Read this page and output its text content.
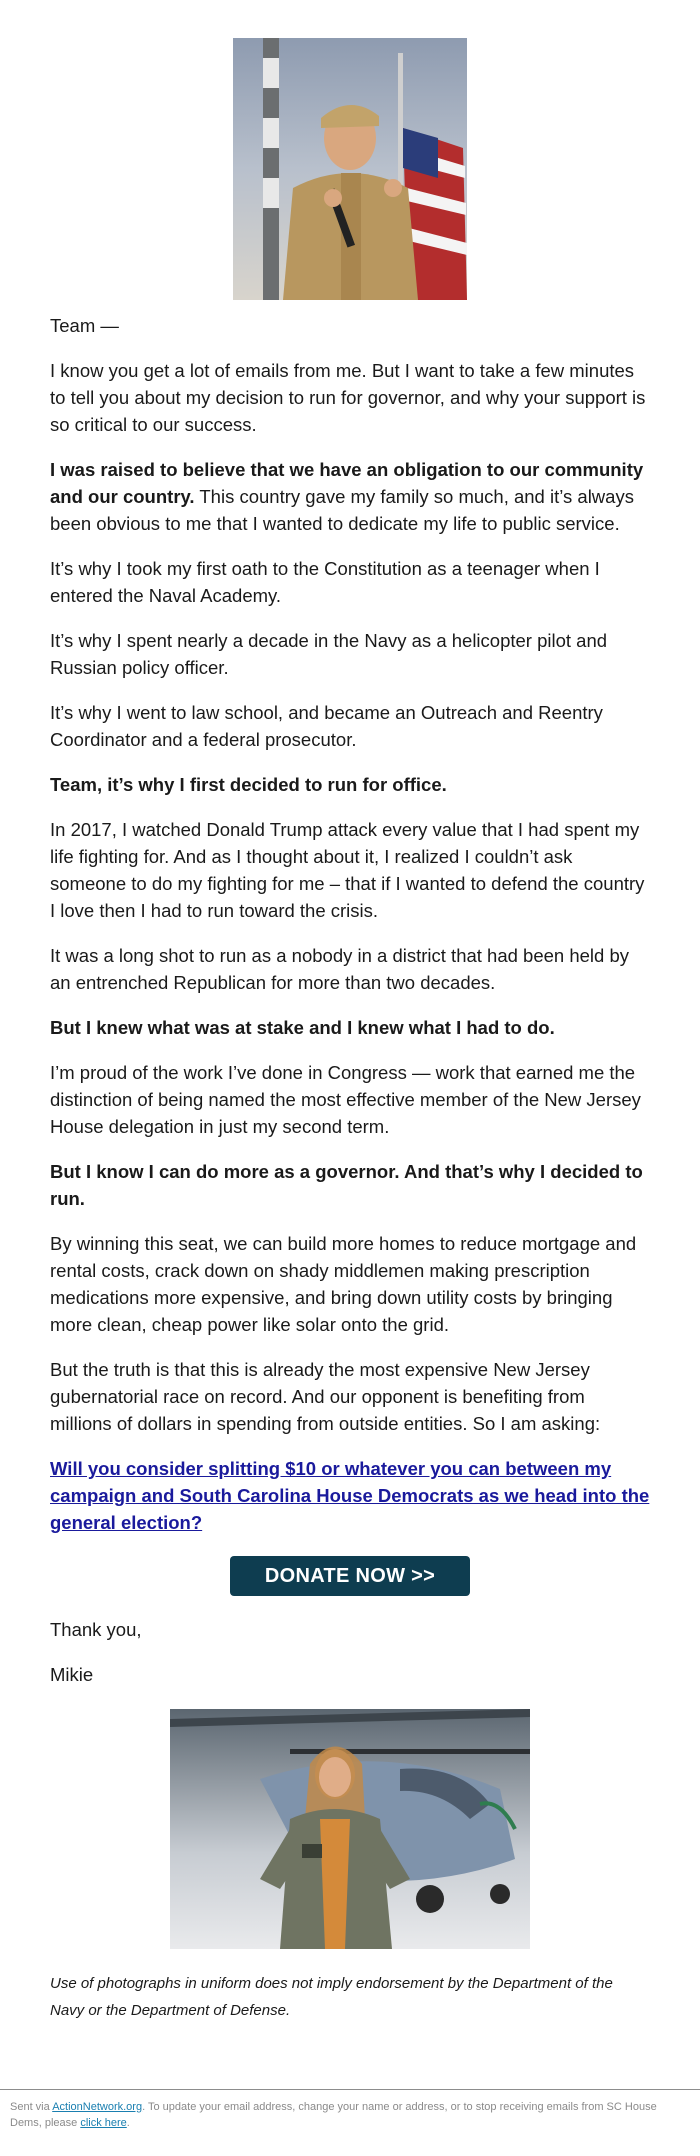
Team —

I know you get a lot of emails from me. But I want to take a few minutes to tell you about my decision to run for governor, and why your support is so critical to our success.

I was raised to believe that we have an obligation to our community and our country. This country gave my family so much, and it’s always been obvious to me that I wanted to dedicate my life to public service.

It’s why I took my first oath to the Constitution as a teenager when I entered the Naval Academy.

It’s why I spent nearly a decade in the Navy as a helicopter pilot and Russian policy officer.

It’s why I went to law school, and became an Outreach and Reentry Coordinator and a federal prosecutor.

Team, it’s why I first decided to run for office.

In 2017, I watched Donald Trump attack every value that I had spent my life fighting for. And as I thought about it, I realized I couldn’t ask someone to do my fighting for me – that if I wanted to defend the country I love then I had to run toward the crisis.

It was a long shot to run as a nobody in a district that had been held by an entrenched Republican for more than two decades.

But I knew what was at stake and I knew what I had to do.

I’m proud of the work I’ve done in Congress — work that earned me the distinction of being named the most effective member of the New Jersey House delegation in just my second term.

But I know I can do more as a governor. And that’s why I decided to run.

By winning this seat, we can build more homes to reduce mortgage and rental costs, crack down on shady middlemen making prescription medications more expensive, and bring down utility costs by bringing more clean, cheap power like solar onto the grid.

But the truth is that this is already the most expensive New Jersey gubernatorial race on record. And our opponent is benefiting from millions of dollars in spending from outside entities. So I am asking:

Will you consider splitting $10 or whatever you can between my campaign and South Carolina House Democrats as we head into the general election?
DONATE NOW >>

Thank you,

Mikie

Use of photographs in uniform does not imply endorsement by the Department of the Navy or the Department of Defense.
Sent via ActionNetwork.org. To update your email address, change your name or address, or to stop receiving emails from SC House Dems, please click here.
